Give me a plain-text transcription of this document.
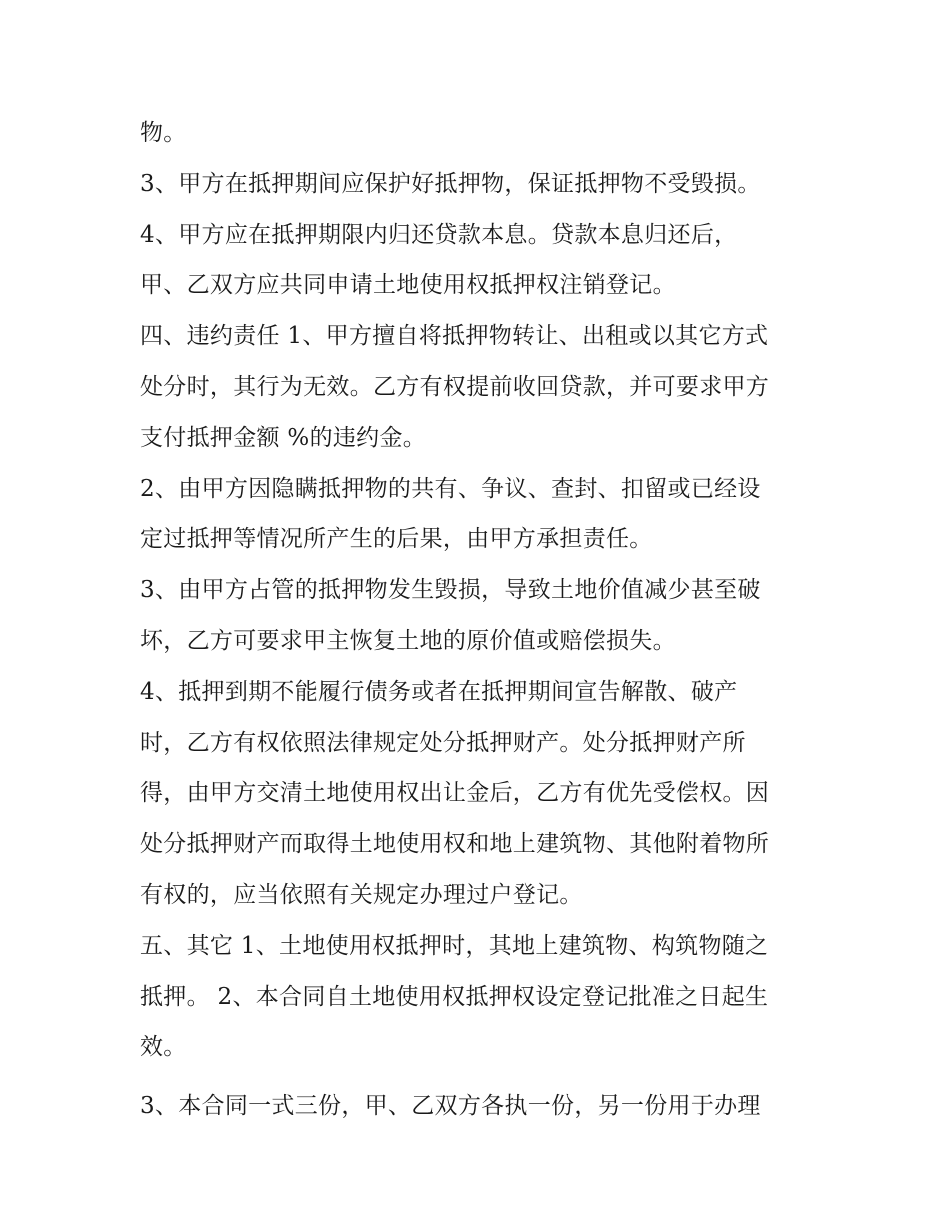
物。
3、甲方在抵押期间应保护好抵押物，保证抵押物不受毁损。
4、甲方应在抵押期限内归还贷款本息。贷款本息归还后，
甲、乙双方应共同申请土地使用权抵押权注销登记。
四、违约责任 1、甲方擅自将抵押物转让、出租或以其它方式
处分时，其行为无效。乙方有权提前收回贷款，并可要求甲方
支付抵押金额 %的违约金。
2、由甲方因隐瞒抵押物的共有、争议、查封、扣留或已经设
定过抵押等情况所产生的后果，由甲方承担责任。
3、由甲方占管的抵押物发生毁损，导致土地价值减少甚至破
坏，乙方可要求甲主恢复土地的原价值或赔偿损失。
4、抵押到期不能履行债务或者在抵押期间宣告解散、破产
时，乙方有权依照法律规定处分抵押财产。处分抵押财产所
得，由甲方交清土地使用权出让金后，乙方有优先受偿权。因
处分抵押财产而取得土地使用权和地上建筑物、其他附着物所
有权的，应当依照有关规定办理过户登记。
五、其它 1、土地使用权抵押时，其地上建筑物、构筑物随之
抵押。 2、本合同自土地使用权抵押权设定登记批准之日起生
效。
3、本合同一式三份，甲、乙双方各执一份，另一份用于办理
